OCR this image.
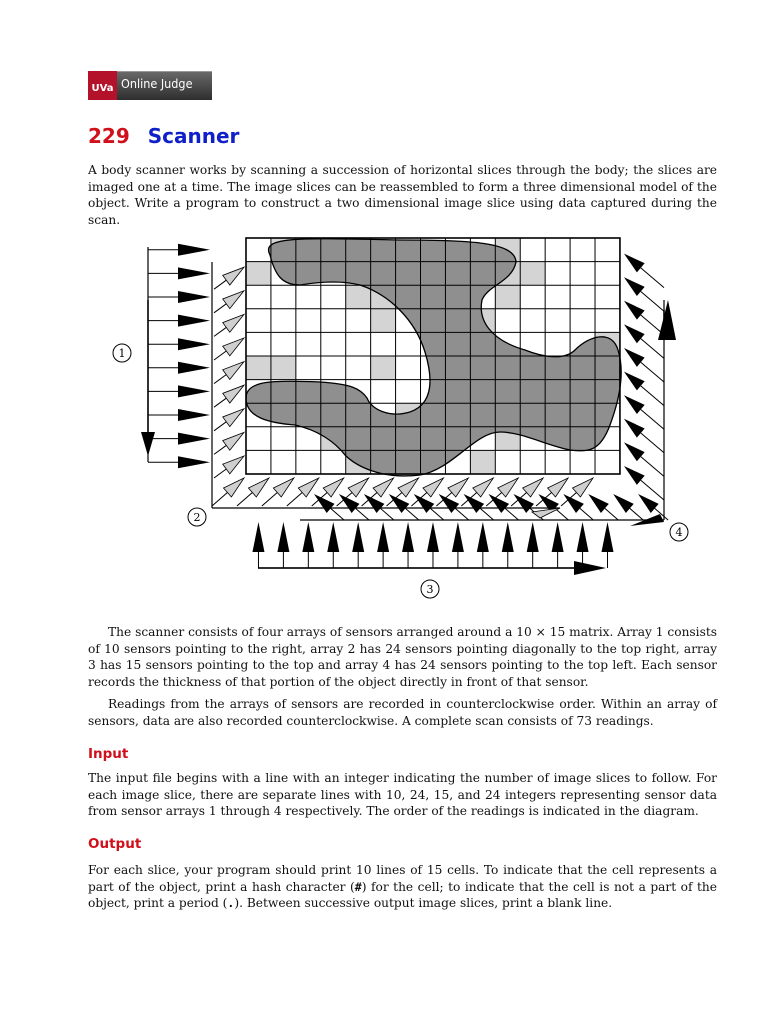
UVa Online Judge
229 Scanner

A body scanner works by scanning a succession of horizontal slices through the body; the slices are imaged one at a time. The image slices can be reassembled to form a three dimensional model of the object. Write a program to construct a two dimensional image slice using data captured during the scan.

1
2
3
4

The scanner consists of four arrays of sensors arranged around a 10 × 15 matrix. Array 1 consists of 10 sensors pointing to the right, array 2 has 24 sensors pointing diagonally to the top right, array 3 has 15 sensors pointing to the top and array 4 has 24 sensors pointing to the top left. Each sensor records the thickness of that portion of the object directly in front of that sensor.

Readings from the arrays of sensors are recorded in counterclockwise order. Within an array of sensors, data are also recorded counterclockwise. A complete scan consists of 73 readings.

Input

The input file begins with a line with an integer indicating the number of image slices to follow. For each image slice, there are separate lines with 10, 24, 15, and 24 integers representing sensor data from sensor arrays 1 through 4 respectively. The order of the readings is indicated in the diagram.

Output

For each slice, your program should print 10 lines of 15 cells. To indicate that the cell represents a part of the object, print a hash character (#) for the cell; to indicate that the cell is not a part of the object, print a period (.). Between successive output image slices, print a blank line.
